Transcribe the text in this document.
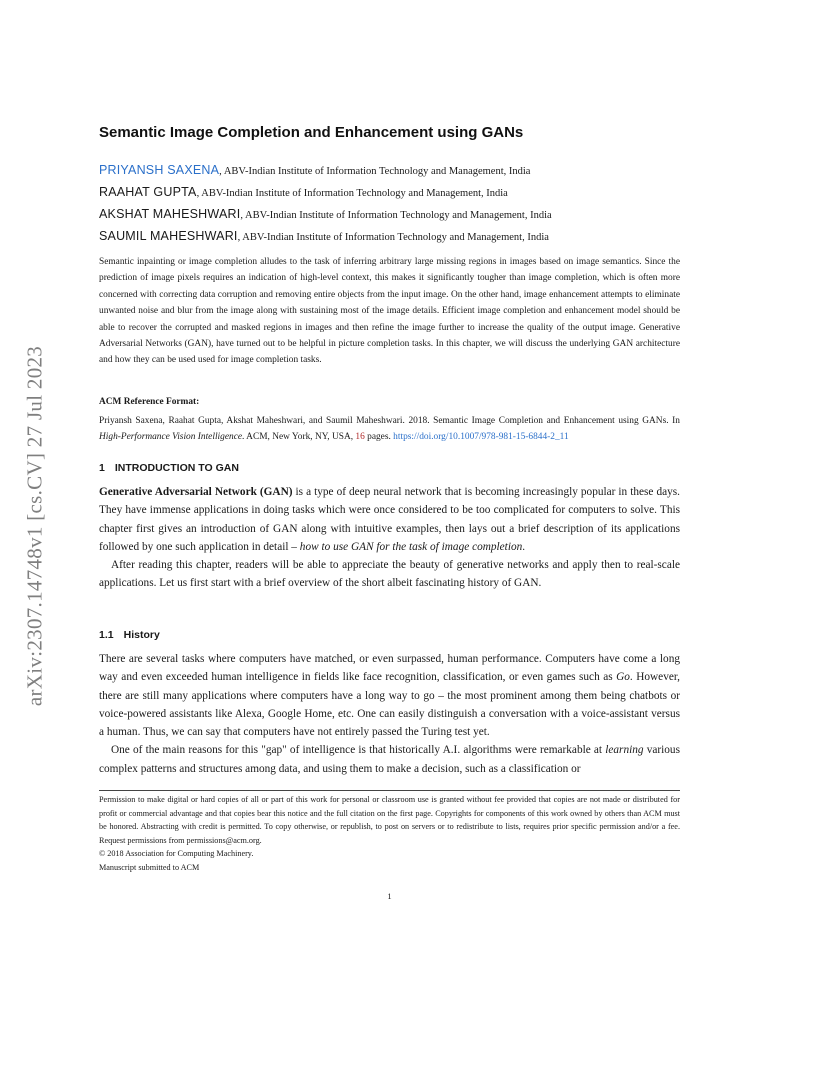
arXiv:2307.14748v1 [cs.CV] 27 Jul 2023
Semantic Image Completion and Enhancement using GANs
PRIYANSH SAXENA, ABV-Indian Institute of Information Technology and Management, India
RAAHAT GUPTA, ABV-Indian Institute of Information Technology and Management, India
AKSHAT MAHESHWARI, ABV-Indian Institute of Information Technology and Management, India
SAUMIL MAHESHWARI, ABV-Indian Institute of Information Technology and Management, India
Semantic inpainting or image completion alludes to the task of inferring arbitrary large missing regions in images based on image semantics. Since the prediction of image pixels requires an indication of high-level context, this makes it significantly tougher than image completion, which is often more concerned with correcting data corruption and removing entire objects from the input image. On the other hand, image enhancement attempts to eliminate unwanted noise and blur from the image along with sustaining most of the image details. Efficient image completion and enhancement model should be able to recover the corrupted and masked regions in images and then refine the image further to increase the quality of the output image. Generative Adversarial Networks (GAN), have turned out to be helpful in picture completion tasks. In this chapter, we will discuss the underlying GAN architecture and how they can be used used for image completion tasks.
ACM Reference Format:
Priyansh Saxena, Raahat Gupta, Akshat Maheshwari, and Saumil Maheshwari. 2018. Semantic Image Completion and Enhancement using GANs. In High-Performance Vision Intelligence. ACM, New York, NY, USA, 16 pages. https://doi.org/10.1007/978-981-15-6844-2_11
1 INTRODUCTION TO GAN

Generative Adversarial Network (GAN) is a type of deep neural network that is becoming increasingly popular in these days. They have immense applications in doing tasks which were once considered to be too complicated for computers to solve. This chapter first gives an introduction of GAN along with intuitive examples, then lays out a brief description of its applications followed by one such application in detail – how to use GAN for the task of image completion.

After reading this chapter, readers will be able to appreciate the beauty of generative networks and apply then to real-scale applications. Let us first start with a brief overview of the short albeit fascinating history of GAN.

1.1 History

There are several tasks where computers have matched, or even surpassed, human performance. Computers have come a long way and even exceeded human intelligence in fields like face recognition, classification, or even games such as Go. However, there are still many applications where computers have a long way to go – the most prominent among them being chatbots or voice-powered assistants like Alexa, Google Home, etc. One can easily distinguish a conversation with a voice-assistant versus a human. Thus, we can say that computers have not entirely passed the Turing test yet.

One of the main reasons for this "gap" of intelligence is that historically A.I. algorithms were remarkable at learning various complex patterns and structures among data, and using them to make a decision, such as a classification or

Permission to make digital or hard copies of all or part of this work for personal or classroom use is granted without fee provided that copies are not made or distributed for profit or commercial advantage and that copies bear this notice and the full citation on the first page. Copyrights for components of this work owned by others than ACM must be honored. Abstracting with credit is permitted. To copy otherwise, or republish, to post on servers or to redistribute to lists, requires prior specific permission and/or a fee. Request permissions from permissions@acm.org.
© 2018 Association for Computing Machinery.
Manuscript submitted to ACM
1
